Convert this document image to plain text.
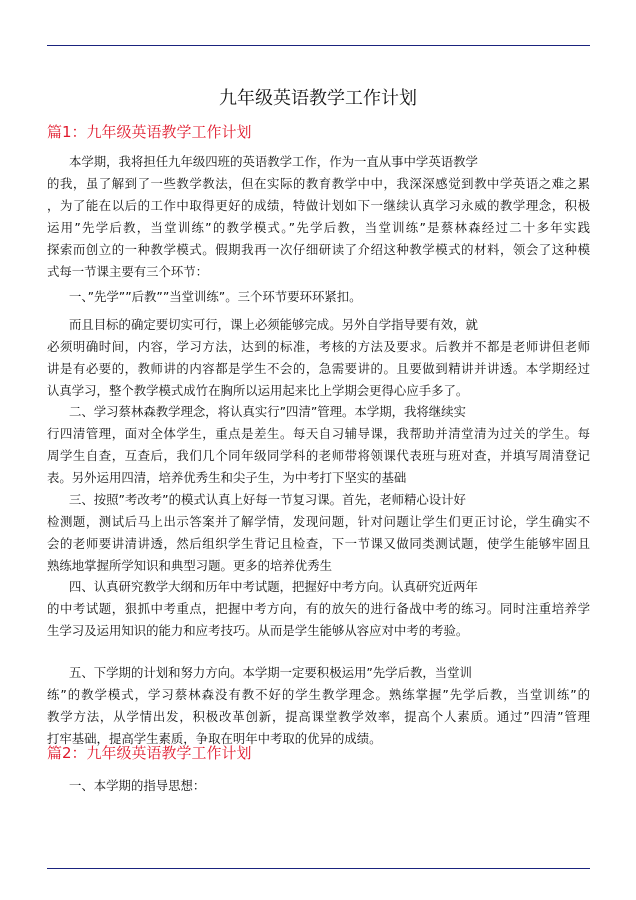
九年级英语教学工作计划
篇1：九年级英语教学工作计划
本学期，我将担任九年级四班的英语教学工作，作为一直从事中学英语教学
的我，虽了解到了一些教学教法，但在实际的教育教学中中，我深深感觉到教中学英语之难之累
，为了能在以后的工作中取得更好的成绩，特做计划如下一继续认真学习永威的教学理念，积极
运用”先学后教，当堂训练”的教学模式。”先学后教，当堂训练”是蔡林森经过二十多年实践
探索而创立的一种教学模式。假期我再一次仔细研读了介绍这种教学模式的材料，领会了这种模
式每一节课主要有三个环节：
一、”先学””后教””当堂训练”。三个环节要环环紧扣。
而且目标的确定要切实可行，课上必须能够完成。另外自学指导要有效，就
必须明确时间，内容，学习方法，达到的标准，考核的方法及要求。后教并不都是老师讲但老师
讲是有必要的，教师讲的内容都是学生不会的，急需要讲的。且要做到精讲并讲透。本学期经过
认真学习，整个教学模式成竹在胸所以运用起来比上学期会更得心应手多了。
二、学习蔡林森教学理念，将认真实行”四清”管理。本学期，我将继续实
行四清管理，面对全体学生，重点是差生。每天自习辅导课，我帮助并清堂清为过关的学生。每
周学生自查，互查后，我们几个同年级同学科的老师带将领课代表班与班对查，并填写周清登记
表。另外运用四清，培养优秀生和尖子生，为中考打下坚实的基础
三、按照”考改考”的模式认真上好每一节复习课。首先，老师精心设计好
检测题，测试后马上出示答案并了解学情，发现问题，针对问题让学生们更正讨论，学生确实不
会的老师要讲清讲透，然后组织学生背记且检查，下一节课又做同类测试题，使学生能够牢固且
熟练地掌握所学知识和典型习题。更多的培养优秀生
四、认真研究教学大纲和历年中考试题，把握好中考方向。认真研究近两年
的中考试题，狠抓中考重点，把握中考方向，有的放矢的进行备战中考的练习。同时注重培养学
生学习及运用知识的能力和应考技巧。从而是学生能够从容应对中考的考验。
五、下学期的计划和努力方向。本学期一定要积极运用”先学后教，当堂训
练”的教学模式，学习蔡林森没有教不好的学生教学理念。熟练掌握”先学后教，当堂训练”的
教学方法，从学情出发，积极改革创新，提高课堂教学效率，提高个人素质。通过”四清”管理
打牢基础，提高学生素质，争取在明年中考取的优异的成绩。
篇2：九年级英语教学工作计划
一、本学期的指导思想：
